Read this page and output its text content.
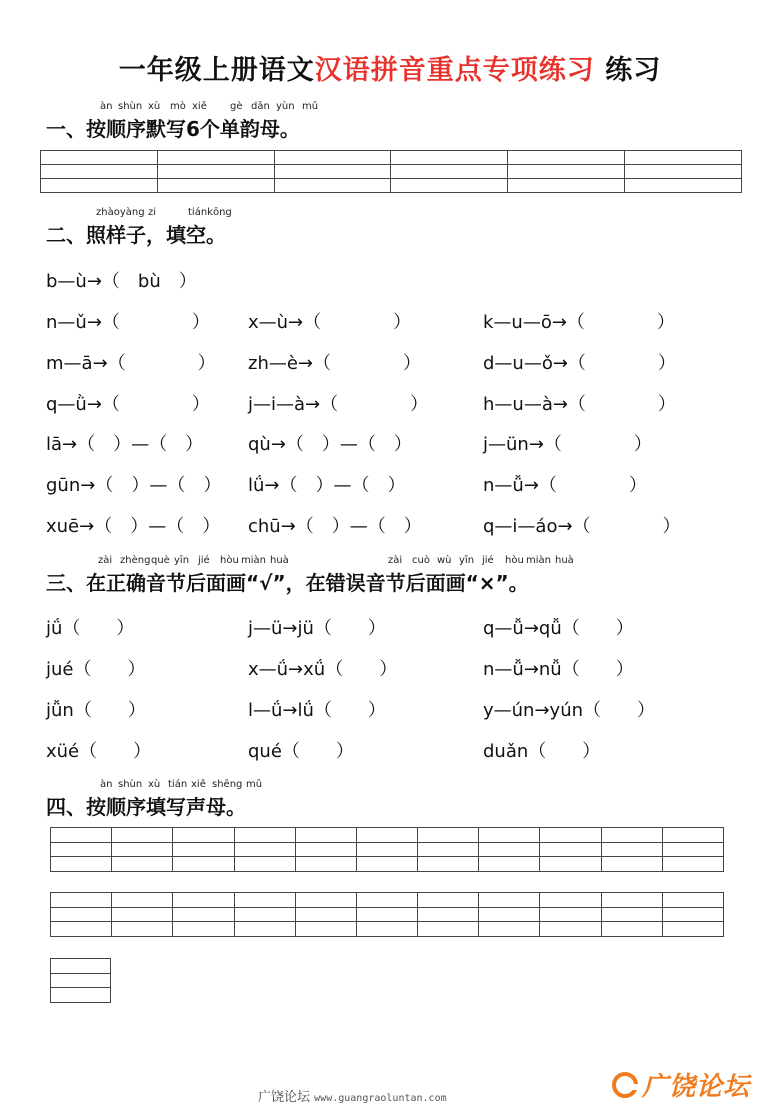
一年级上册语文汉语拼音重点专项练习 练习
àn shùn xù mò xiě gè dān yùn mǔ
一、按顺序默写6个单韵母。

zhàoyàng zi	tiánkōng
二、照样子，填空。
b—ù→（　bù　）
n—ǔ→（　　　　） x—ù→（　　　　）	k—u—ō→（　　　　）
m—ā→（　　　　） zh—è→（　　　　）	d—u—ǒ→（　　　　）
q—ǜ→（　　　　） j—i—à→（　　　　）	h—u—à→（　　　　）
lā→（　）—（　） qù→（　）—（　）	j—ün→（　　　　）
gūn→（　）—（　） lǘ→（　）—（　）	n—ǚ→（　　　　）
xuē→（　）—（　） chū→（　）—（　）	q—i—áo→（　　　　）
zài zhèng què yīn jié hòu miàn huà	zài cuò wù yīn jié hòu miàn huà
三、在正确音节后面画“√”，在错误音节后面画“×”。
jǘ（　　）	j—ü→jü（　　）	q—ǚ→qǚ（　　）
jué（　　）	x—ǘ→xǘ（　　）	n—ǚ→nǚ（　　）
jǚn（　　）	l—ǘ→lǘ（　　）	y—ún→yún（　　）
xüé（　　）	qué（　　）	duǎn（　　）
àn shùn xù tián xiě shēng mǔ
四、按顺序填写声母。

广饶论坛 www.guangraoluntan.com	广饶论坛
